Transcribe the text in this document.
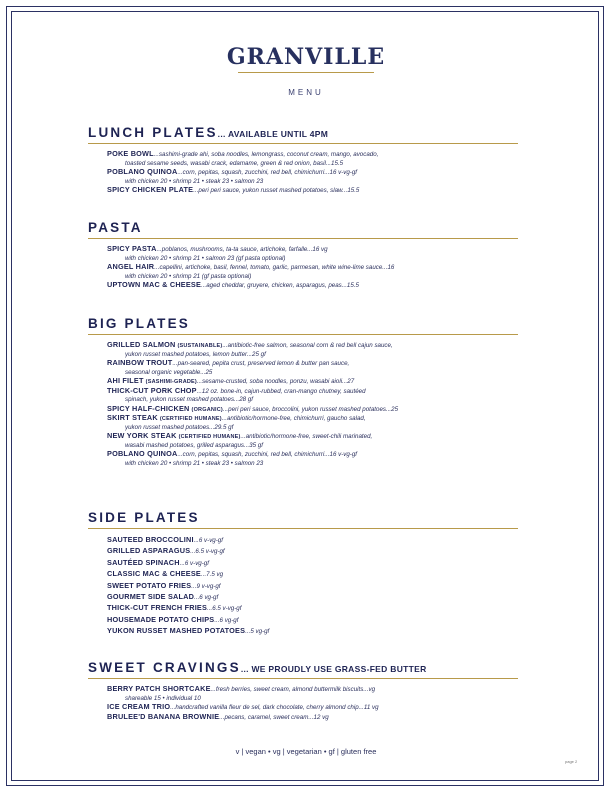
GRANVILLE
MENU
LUNCH PLATES... AVAILABLE UNTIL 4PM
POKE BOWL...sashimi-grade ahi, soba noodles, lemongrass, coconut cream, mango, avocado,
toasted sesame seeds, wasabi crack, edamame, green & red onion, basil...15.5
POBLANO QUINOA...corn, pepitas, squash, zucchini, red bell, chimichurri...16 v-vg-gf
with chicken 20 • shrimp 21 • steak 23 • salmon 23
SPICY CHICKEN PLATE...peri peri sauce, yukon russet mashed potatoes, slaw...15.5
PASTA
SPICY PASTA...poblanos, mushrooms, ta-ta sauce, artichoke, farfalle...16 vg
with chicken 20 • shrimp 21 • salmon 23 (gf pasta optional)
ANGEL HAIR...capellini, artichoke, basil, fennel, tomato, garlic, parmesan, white wine-lime sauce...16
with chicken 20 • shrimp 21 (gf pasta optional)
UPTOWN MAC & CHEESE...aged cheddar, gruyere, chicken, asparagus, peas...15.5
BIG PLATES
GRILLED SALMON (SUSTAINABLE)...antibiotic-free salmon, seasonal corn & red bell cajun sauce,
yukon russet mashed potatoes, lemon butter...25 gf
RAINBOW TROUT...pan-seared, pepita crust, preserved lemon & butter pan sauce,
seasonal organic vegetable...25
AHI FILET (SASHIMI-GRADE)...sesame-crusted, soba noodles, ponzu, wasabi aioli...27
THICK-CUT PORK CHOP...12 oz. bone-in, cajun-rubbed, cran-mango chutney, sautéed
spinach, yukon russet mashed potatoes...28 gf
SPICY HALF-CHICKEN (ORGANIC)...peri peri sauce, broccolini, yukon russet mashed potatoes...25
SKIRT STEAK (CERTIFIED HUMANE)...antibiotic/hormone-free, chimichurri, gaucho salad,
yukon russet mashed potatoes...29.5 gf
NEW YORK STEAK (CERTIFIED HUMANE)...antibiotic/hormone-free, sweet-chili marinated,
wasabi mashed potatoes, grilled asparagus...35 gf
POBLANO QUINOA...corn, pepitas, squash, zucchini, red bell, chimichurri...16 v-vg-gf
with chicken 20 • shrimp 21 • steak 23 • salmon 23
SIDE PLATES
SAUTEED BROCCOLINI...6 v-vg-gf
GRILLED ASPARAGUS...6.5 v-vg-gf
SAUTÉED SPINACH...6 v-vg-gf
CLASSIC MAC & CHEESE...7.5 vg
SWEET POTATO FRIES...9 v-vg-gf
GOURMET SIDE SALAD...6 vg-gf
THICK-CUT FRENCH FRIES...6.5 v-vg-gf
HOUSEMADE POTATO CHIPS...6 vg-gf
YUKON RUSSET MASHED POTATOES...5 vg-gf
SWEET CRAVINGS... WE PROUDLY USE GRASS-FED BUTTER
BERRY PATCH SHORTCAKE...fresh berries, sweet cream, almond buttermilk biscuits...vg
shareable 15 • individual 10
ICE CREAM TRIO...handcrafted vanilla fleur de sel, dark chocolate, cherry almond chip...11 vg
BRULEE'D BANANA BROWNIE...pecans, caramel, sweet cream...12 vg
v | vegan • vg | vegetarian • gf | gluten free
page 2
